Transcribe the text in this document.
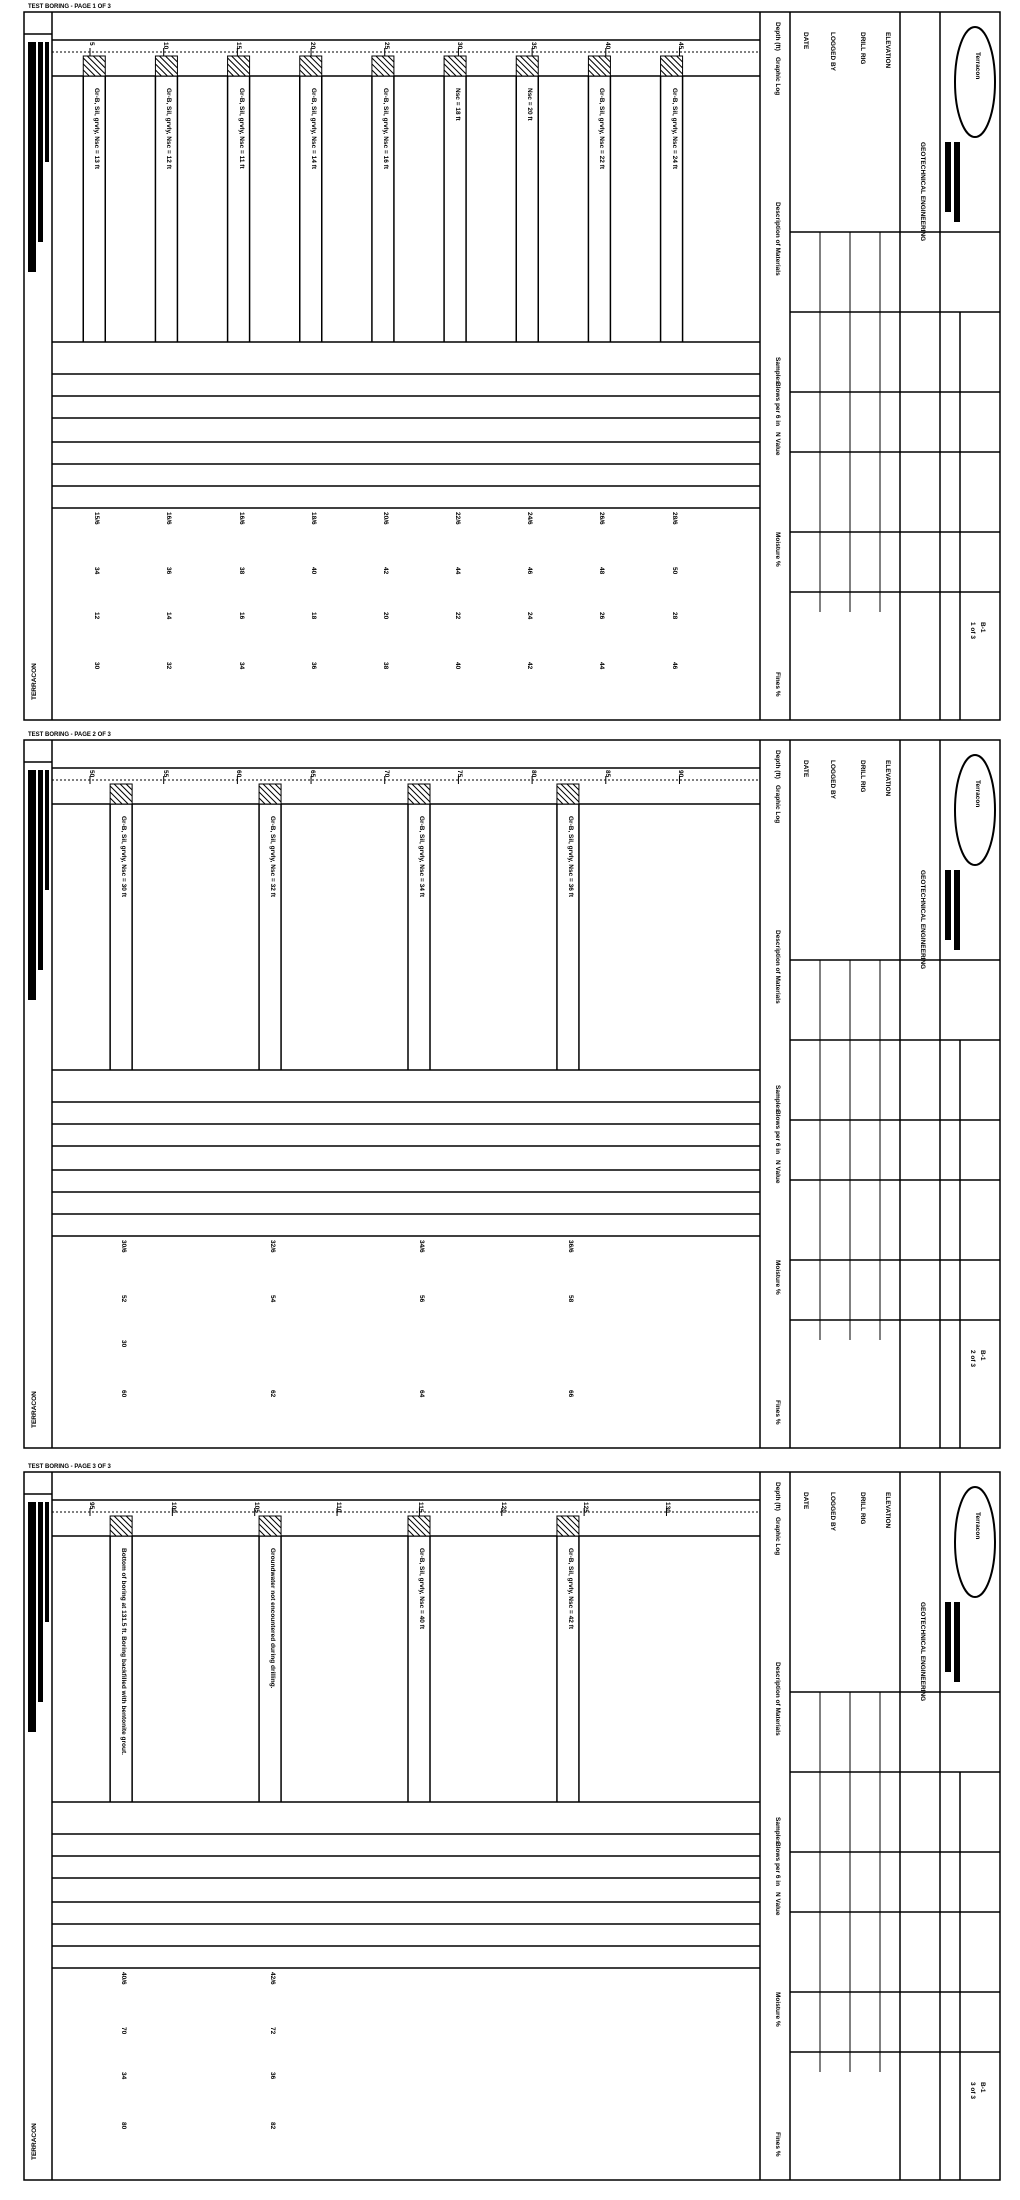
TEST BORING - PAGE 1 OF 3
5	10	15	20	25	30	35	40	45
Gr-B, Sil, grvly, Nsc = 13 ft	Gr-B, Sil, grvly, Nsc = 12 ft	Gr-B, Sil, grvly, Nsc = 11 ft	Gr-B, Sil, grvly, Nsc = 14 ft	Gr-B, Sil, grvly, Nsc = 16 ft	Nsc = 18 ft	Nsc = 20 ft	Gr-B, Sil, grvly, Nsc = 22 ft	Gr-B, Sil, grvly, Nsc = 24 ft
15/6	16/6	16/6	18/6	20/6	22/6	24/6	26/6	28/6
34	36	38	40	42	44	46	48	50
12	14	16	18	20	22	24	26	28
30	32	34	36	38	40	42	44	46
TERRACON
Depth (ft)
Graphic Log
Description of Materials
Samples
Blows per 6 in
N Value
Moisture %
Fines %
DATE	LOGGED BY	DRILL RIG	ELEVATION
GEOTECHNICAL ENGINEERING
B-1
1 of 3
Terracon
TEST BORING - PAGE 2 OF 3
50	55	60	65	70	75	80	85	90
Gr-B, Sil, grvly, Nsc = 30 ft	Gr-B, Sil, grvly, Nsc = 32 ft	Gr-B, Sil, grvly, Nsc = 34 ft	Gr-B, Sil, grvly, Nsc = 36 ft
30/6	32/6	34/6	36/6
52	54	56	58
30
60	62	64	66
TERRACON
Depth (ft)
Graphic Log
Description of Materials
Samples
Blows per 6 in
N Value
Moisture %
Fines %
DATE	LOGGED BY	DRILL RIG	ELEVATION
GEOTECHNICAL ENGINEERING
B-1
2 of 3
Terracon
TEST BORING - PAGE 3 OF 3
95	100	105	110	115	120	125	130
Bottom of boring at 131.5 ft. Boring backfilled with bentonite grout.	Groundwater not encountered during drilling.	Gr-B, Sil, grvly, Nsc = 40 ft	Gr-B, Sil, grvly, Nsc = 42 ft
40/6	42/6
70	72
34	36
80	82
TERRACON
Depth (ft)
Graphic Log
Description of Materials
Samples
Blows per 6 in
N Value
Moisture %
Fines %
DATE	LOGGED BY	DRILL RIG	ELEVATION
GEOTECHNICAL ENGINEERING
B-1
3 of 3
Terracon
